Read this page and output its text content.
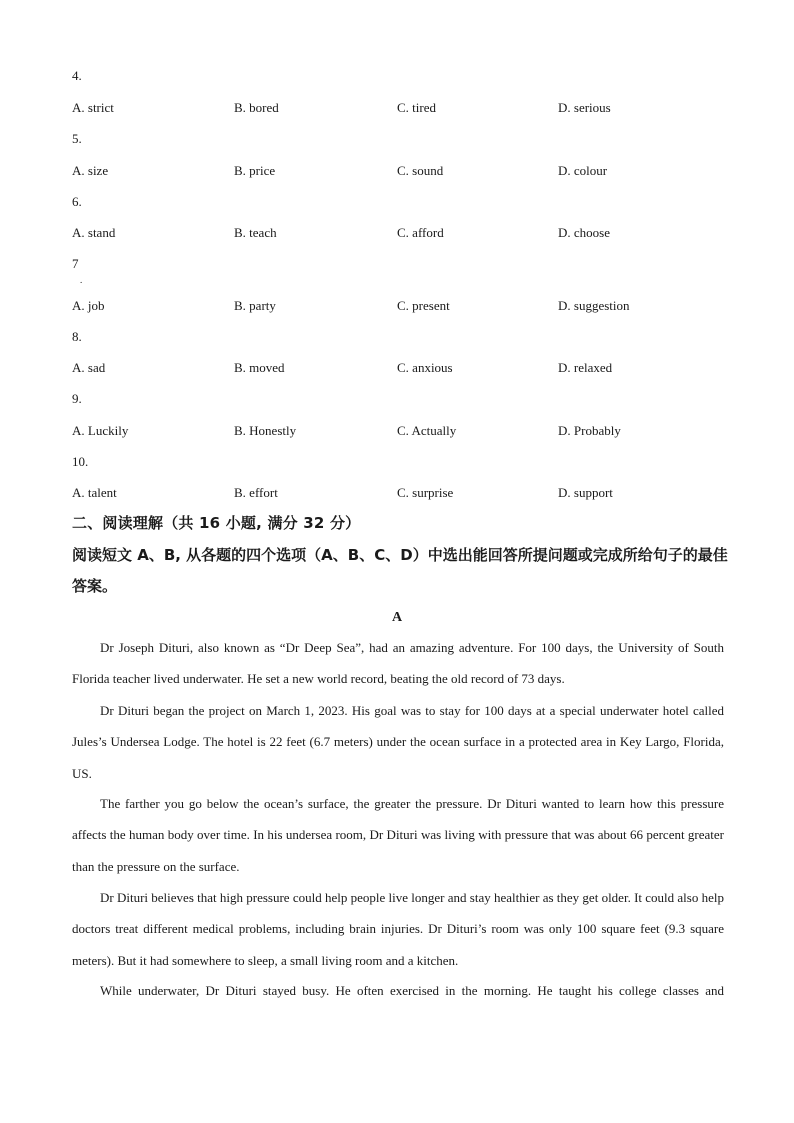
4.
A. strict	B. bored	C. tired	D. serious
5.
A. size	B. price	C. sound	D. colour
6.
A. stand	B. teach	C. afford	D. choose
7
.
A. job	B. party	C. present	D. suggestion
8.
A. sad	B. moved	C. anxious	D. relaxed
9.
A. Luckily	B. Honestly	C. Actually	D. Probably
10.
A. talent	B. effort	C. surprise	D. support
二、阅读理解（共 16 小题, 满分 32 分）
阅读短文 A、B, 从各题的四个选项（A、B、C、D）中选出能回答所提问题或完成所给句子的最佳答案。
A

Dr Joseph Dituri, also known as “Dr Deep Sea”, had an amazing adventure. For 100 days, the University of South Florida teacher lived underwater. He set a new world record, beating the old record of 73 days.

Dr Dituri began the project on March 1, 2023. His goal was to stay for 100 days at a special underwater hotel called Jules’s Undersea Lodge. The hotel is 22 feet (6.7 meters) under the ocean surface in a protected area in Key Largo, Florida, US.

The farther you go below the ocean’s surface, the greater the pressure. Dr Dituri wanted to learn how this pressure affects the human body over time. In his undersea room, Dr Dituri was living with pressure that was about 66 percent greater than the pressure on the surface.

Dr Dituri believes that high pressure could help people live longer and stay healthier as they get older. It could also help doctors treat different medical problems, including brain injuries. Dr Dituri’s room was only 100 square feet (9.3 square meters). But it had somewhere to sleep, a small living room and a kitchen.

While underwater, Dr Dituri stayed busy. He often exercised in the morning. He taught his college classes and
